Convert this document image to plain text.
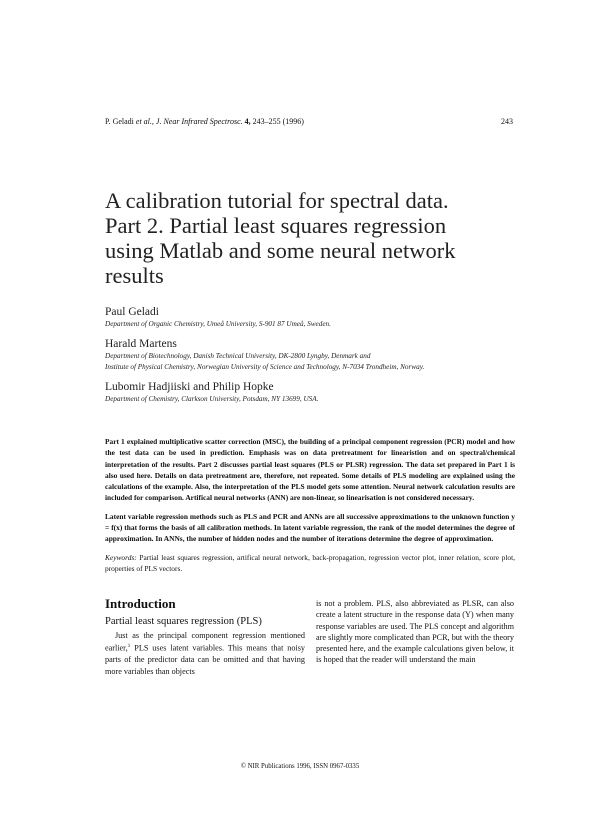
P. Geladi et al., J. Near Infrared Spectrosc. 4, 243–255 (1996)	243
A calibration tutorial for spectral data.
Part 2. Partial least squares regression
using Matlab and some neural network
results
Paul Geladi
Department of Organic Chemistry, Umeå University, S-901 87 Umeå, Sweden.
Harald Martens
Department of Biotechnology, Danish Technical University, DK-2800 Lyngby, Denmark and
Institute of Physical Chemistry, Norwegian University of Science and Technology, N-7034 Trondheim, Norway.
Lubomir Hadjiiski and Philip Hopke
Department of Chemistry, Clarkson University, Potsdam, NY 13699, USA.

Part 1 explained multiplicative scatter correction (MSC), the building of a principal component regression (PCR) model and how the test data can be used in prediction. Emphasis was on data pretreatment for linearistion and on spectral/chemical interpretation of the results. Part 2 discusses partial least squares (PLS or PLSR) regression. The data set prepared in Part 1 is also used here. Details on data pretreatment are, therefore, not repeated. Some details of PLS modeling are explained using the calculations of the example. Also, the interpretation of the PLS model gets some attention. Neural network calculation results are included for comparison. Artifical neural networks (ANN) are non-linear, so linearisation is not considered necessary.

Latent variable regression methods such as PLS and PCR and ANNs are all successive approximations to the unknown function y = f(x) that forms the basis of all calibration methods. In latent variable regression, the rank of the model determines the degree of approximation. In ANNs, the number of hidden nodes and the number of iterations determine the degree of approximation.

Keywords: Partial least squares regression, artifical neural network, back-propagation, regression vector plot, inner relation, score plot, properties of PLS vectors.

Introduction
Partial least squares regression (PLS)

Just as the principal component regression mentioned earlier,$^1$ PLS uses latent variables. This means that noisy parts of the predictor data can be omitted and that having more variables than objects

is not a problem. PLS, also abbreviated as PLSR, can also create a latent structure in the response data (Y) when many response variables are used. The PLS concept and algorithm are slightly more complicated than PCR, but with the theory presented here, and the example calculations given below, it is hoped that the reader will understand the main

© NIR Publications 1996, ISSN 0967-0335
